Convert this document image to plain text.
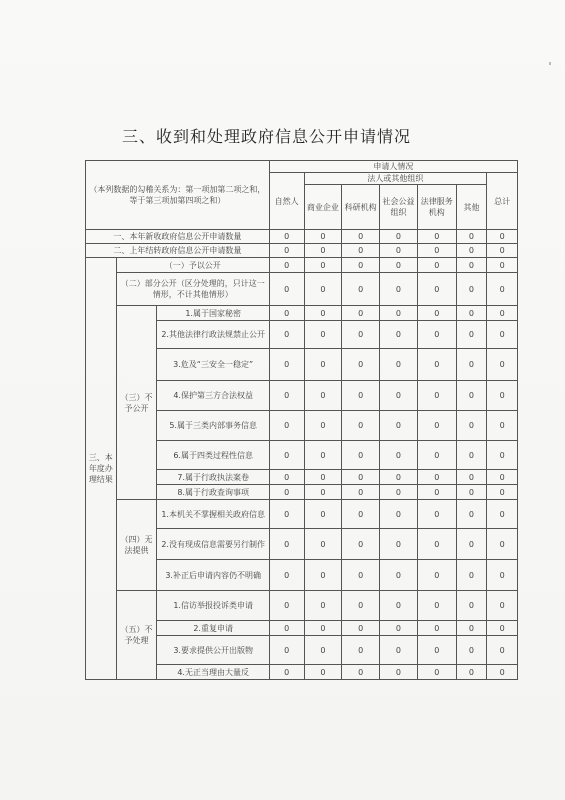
三、收到和处理政府信息公开申请情况
（本列数据的勾稽关系为：第一项加第二项之和，等于第三项加第四项之和）			申请人情况						
			自然人	法人或其他组织					总计
				商业企业	科研机构	社会公益组织	法律服务机构	其他	
一、本年新收政府信息公开申请数量			0	0	0	0	0	0	0
二、上年结转政府信息公开申请数量			0	0	0	0	0	0	0
三、本年度办理结果	（一）予以公开		0	0	0	0	0	0	0
	（二）部分公开（区分处理的，只计这一情形，不计其他情形）		0	0	0	0	0	0	0
	（三）不予公开	1.属于国家秘密	0	0	0	0	0	0	0
		2.其他法律行政法规禁止公开	0	0	0	0	0	0	0
		3.危及“三安全一稳定”	0	0	0	0	0	0	0
		4.保护第三方合法权益	0	0	0	0	0	0	0
		5.属于三类内部事务信息	0	0	0	0	0	0	0
		6.属于四类过程性信息	0	0	0	0	0	0	0
		7.属于行政执法案卷	0	0	0	0	0	0	0
		8.属于行政查询事项	0	0	0	0	0	0	0
	（四）无法提供	1.本机关不掌握相关政府信息	0	0	0	0	0	0	0
		2.没有现成信息需要另行制作	0	0	0	0	0	0	0
		3.补正后申请内容仍不明确	0	0	0	0	0	0	0
	（五）不予处理	1.信访举报投诉类申请	0	0	0	0	0	0	0
		2.重复申请	0	0	0	0	0	0	0
		3.要求提供公开出版物	0	0	0	0	0	0	0
		4.无正当理由大量反	0	0	0	0	0	0	0
